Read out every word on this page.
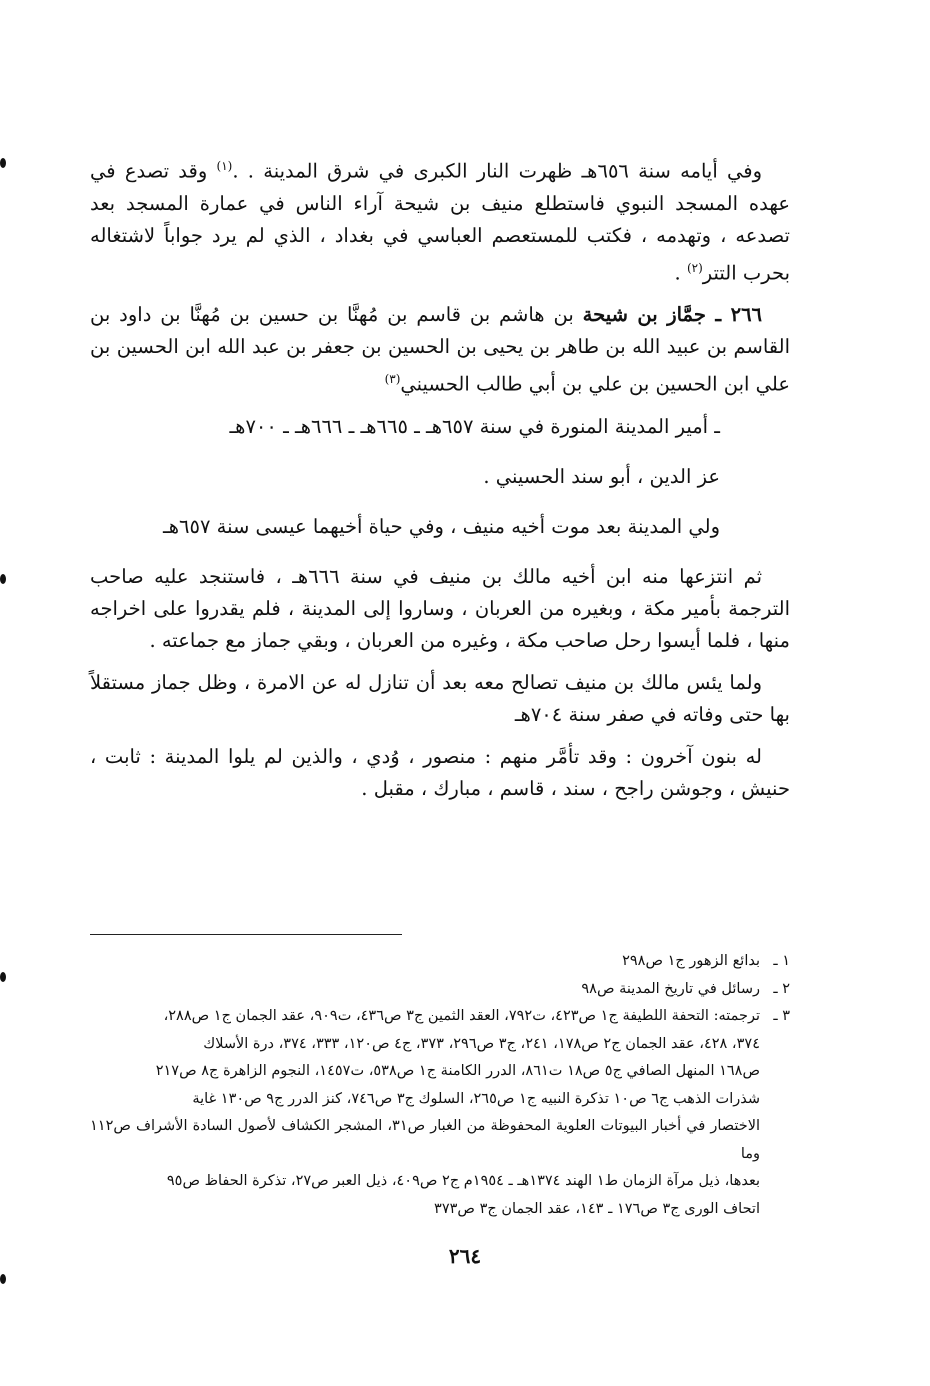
وفي أيامه سنة ٦٥٦هـ ظهرت النار الكبرى في شرق المدينة . .$^{(١)}$ وقد تصدع في عهده المسجد النبوي فاستطلع منيف بن شيحة آراء الناس في عمارة المسجد بعد تصدعه ، وتهدمه ، فكتب للمستعصم العباسي في بغداد ، الذي لم يرد جواباً لاشتغاله بحرب التتر$^{(٢)}$ .

٢٦٦ ـ جمَّاز بن شيحة بن هاشم بن قاسم بن مُهنَّا بن حسين بن مُهنَّا بن داود بن القاسم بن عبيد الله بن طاهر بن يحيى بن الحسين بن جعفر بن عبد الله ابن الحسين بن علي ابن الحسين بن علي بن أبي طالب الحسيني$^{(٣)}$

ـ أمير المدينة المنورة في سنة ٦٥٧هـ ـ ٦٦٥هـ ـ ٦٦٦هـ ـ ٧٠٠هـ

عز الدين ، أبو سند الحسيني .

ولي المدينة بعد موت أخيه منيف ، وفي حياة أخيهما عيسى سنة ٦٥٧هـ

ثم انتزعها منه ابن أخيه مالك بن منيف في سنة ٦٦٦هـ ، فاستنجد عليه صاحب الترجمة بأمير مكة ، وبغيره من العربان ، وساروا إلى المدينة ، فلم يقدروا على اخراجه منها ، فلما أيسوا رحل صاحب مكة ، وغيره من العربان ، وبقي جماز مع جماعته .

ولما يئس مالك بن منيف تصالح معه بعد أن تنازل له عن الامرة ، وظل جماز مستقلاً بها حتى وفاته في صفر سنة ٧٠٤هـ

له بنون آخرون : وقد تأمَّر منهم : منصور ، وُدي ، والذين لم يلوا المدينة : ثابت ، حنيش ، وجوشن راجح ، سند ، قاسم ، مبارك ، مقبل .

١ ـبدائع الزهور ج١ ص٢٩٨

٢ ـرسائل في تاريخ المدينة ص٩٨

٣ ـترجمته: التحفة اللطيفة ج١ ص٤٢٣، ت٧٩٢، العقد الثمين ج٣ ص٤٣٦، ت٩٠٩، عقد الجمان ج١ ص٢٨٨،

٣٧٤، ٤٢٨، عقد الجمان ج٢ ص١٧٨، ٢٤١، ج٣ ص٢٩٦، ٣٧٣، ج٤ ص١٢٠، ٣٣٣، ٣٧٤، درة الأسلاك

ص١٦٨ المنهل الصافي ج٥ ص١٨ ت٨٦١، الدرر الكامنة ج١ ص٥٣٨، ت١٤٥٧، النجوم الزاهرة ج٨ ص٢١٧

شذرات الذهب ج٦ ص١٠ تذكرة النبيه ج١ ص٢٦٥، السلوك ج٣ ص٧٤٦، كنز الدرر ج٩ ص١٣٠ غاية

الاختصار في أخبار البيوتات العلوية المحفوظة من الغبار ص٣١، المشجر الكشاف لأصول السادة الأشراف ص١١٢ وما

بعدها، ذيل مرآة الزمان ط١ الهند ١٣٧٤هـ ـ ١٩٥٤م ج٢ ص٤٠٩، ذيل العبر ص٢٧، تذكرة الحفاظ ص٩٥

اتحاف الورى ج٣ ص١٧٦ ـ ١٤٣، عقد الجمان ج٣ ص٣٧٣

٢٦٤
